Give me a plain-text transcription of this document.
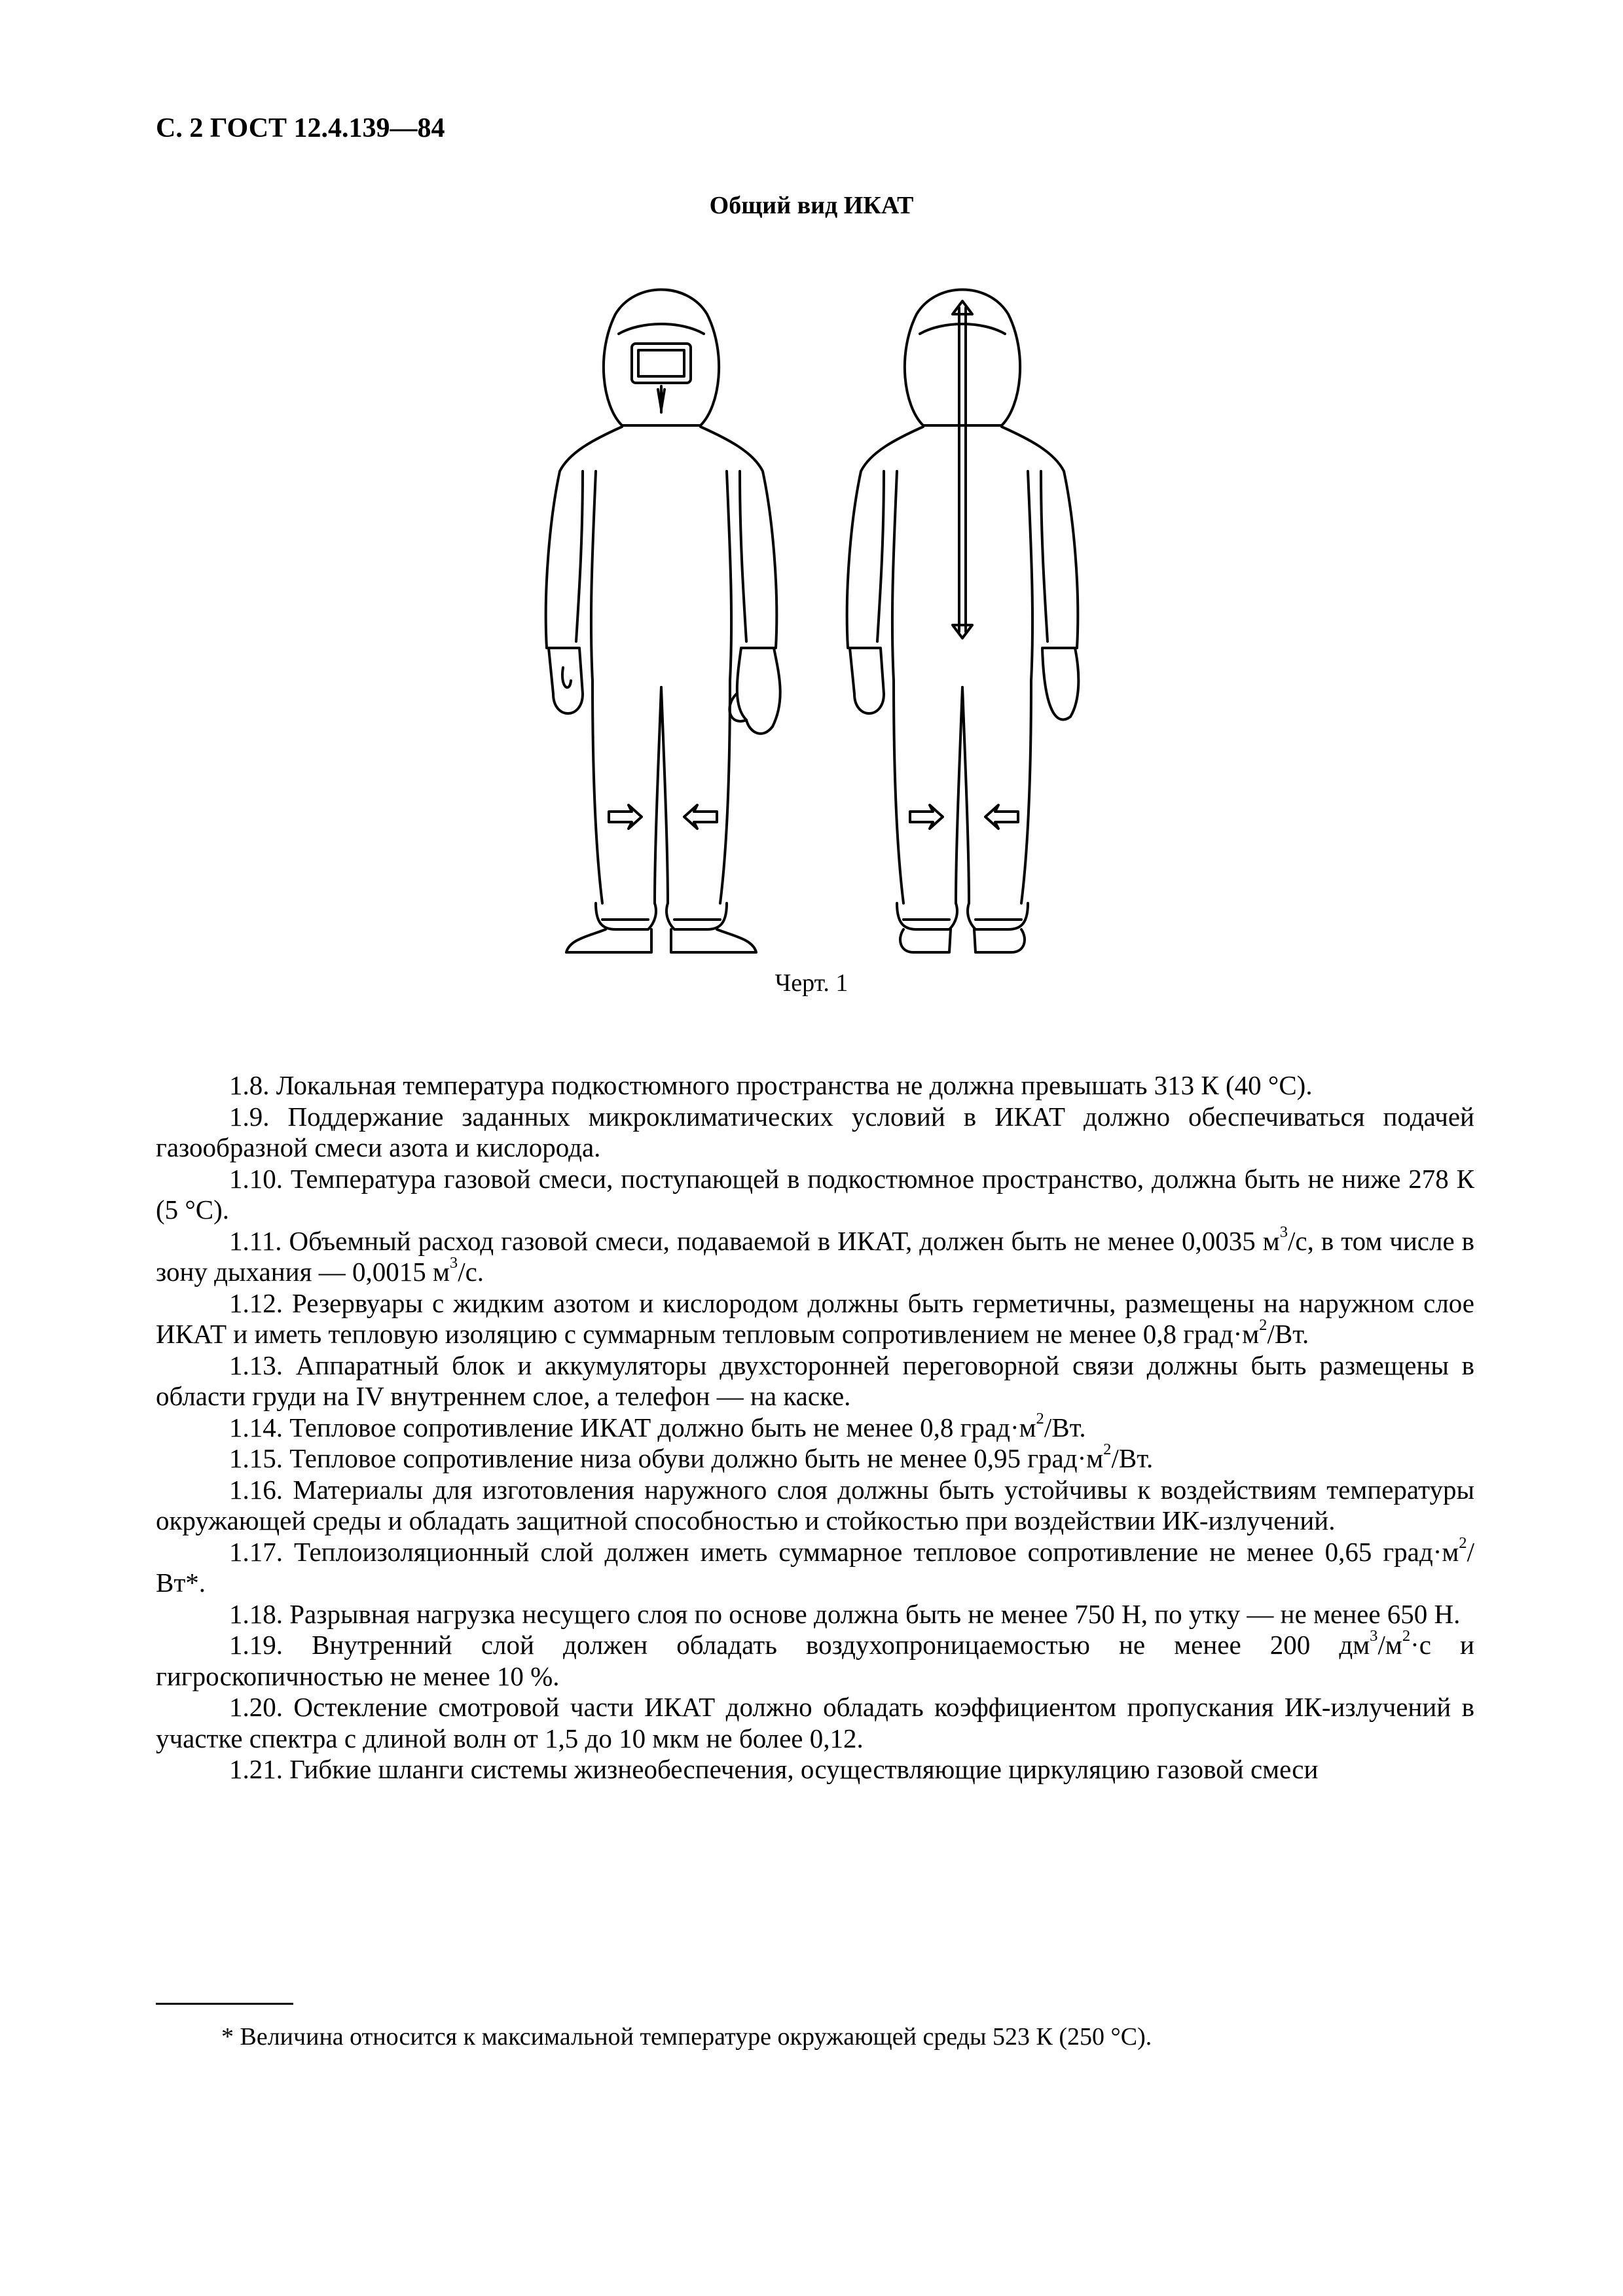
С. 2 ГОСТ 12.4.139—84
Общий вид ИКАТ
Черт. 1

1.8. Локальная температура подкостюмного пространства не должна превышать 313 К (40 °С).

1.9. Поддержание заданных микроклиматических условий в ИКАТ должно обеспечиваться подачей газообразной смеси азота и кислорода.

1.10. Температура газовой смеси, поступающей в подкостюмное пространство, должна быть не ниже 278 К (5 °С).

1.11. Объемный расход газовой смеси, подаваемой в ИКАТ, должен быть не менее 0,0035 $м^3/с$, в том числе в зону дыхания — 0,0015 $м^3/с$.

1.12. Резервуары с жидким азотом и кислородом должны быть герметичны, размещены на наружном слое ИКАТ и иметь тепловую изоляцию с суммарным тепловым сопротивлением не менее 0,8 $град\cdot м^2/Вт$.

1.13. Аппаратный блок и аккумуляторы двухсторонней переговорной связи должны быть размещены в области груди на IV внутреннем слое, а телефон — на каске.

1.14. Тепловое сопротивление ИКАТ должно быть не менее 0,8 $град\cdot м^2/Вт$.

1.15. Тепловое сопротивление низа обуви должно быть не менее 0,95 $град\cdot м^2/Вт$.

1.16. Материалы для изготовления наружного слоя должны быть устойчивы к воздействиям температуры окружающей среды и обладать защитной способностью и стойкостью при воздействии ИК-излучений.

1.17. Теплоизоляционный слой должен иметь суммарное тепловое сопротивление не менее 0,65 $град\cdot м^2/Вт*$.

1.18. Разрывная нагрузка несущего слоя по основе должна быть не менее 750 Н, по утку — не менее 650 Н.

1.19. Внутренний слой должен обладать воздухопроницаемостью не менее 200 $дм^3/м^2\cdot с$ и гигроскопичностью не менее 10 %.

1.20. Остекление смотровой части ИКАТ должно обладать коэффициентом пропускания ИК-излучений в участке спектра с длиной волн от 1,5 до 10 мкм не более 0,12.

1.21. Гибкие шланги системы жизнеобеспечения, осуществляющие циркуляцию газовой смеси

* Величина относится к максимальной температуре окружающей среды 523 К (250 °С).
